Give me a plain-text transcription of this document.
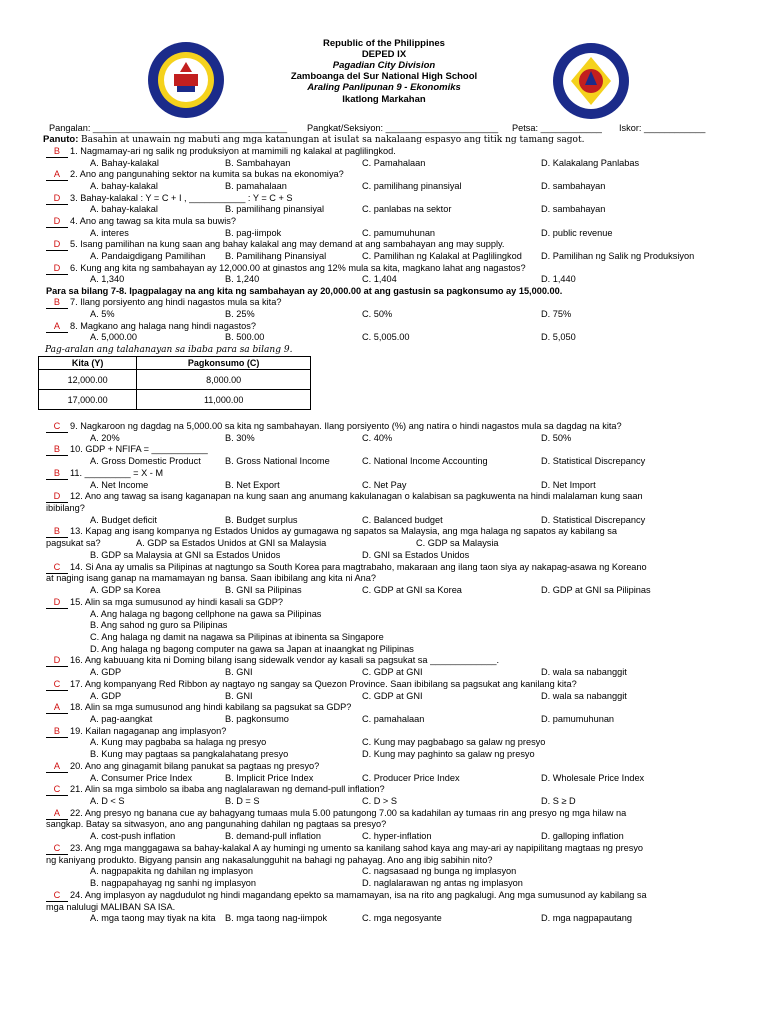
Republic of the Philippines
DEPED IX
Pagadian City Division
Zamboanga del Sur National High School
Araling Panlipunan 9 - Ekonomiks
Ikatlong Markahan
Pangalan: ______________________________________ Pangkat/Seksiyon: ______________________ Petsa: ____________ Iskor: ____________
Panuto: Basahin at unawain ng mabuti ang mga katanungan at isulat sa nakalaang espasyo ang titik ng tamang sagot.
B 1. Nagmamay-ari ng salik ng produksiyon at mamimili ng kalakal at paglilingkod.
A. Bahay-kalakal	B. Sambahayan	C. Pamahalaan	D. Kalakalang Panlabas
A 2. Ano ang pangunahing sektor na kumita sa bukas na ekonomiya?
A. bahay-kalakal	B. pamahalaan	C. pamilihang pinansiyal	D. sambahayan
D 3. Bahay-kalakal : Y = C + I , ___________ : Y = C + S
A. bahay-kalakal	B. pamilihang pinansiyal	C. panlabas na sektor	D. sambahayan
D 4. Ano ang tawag sa kita mula sa buwis?
A. interes	B. pag-iimpok	C. pamumuhunan	D. public revenue
D 5. Isang pamilihan na kung saan ang bahay kalakal ang may demand at ang sambahayan ang may supply.
A. Pandaigdigang Pamilihan B. Pamilihang Pinansiyal	C. Pamilihan ng Kalakal at Paglilingkod D. Pamilihan ng Salik ng Produksiyon
D 6. Kung ang kita ng sambahayan ay 12,000.00 at ginastos ang 12% mula sa kita, magkano lahat ang nagastos?
A. 1,340	B. 1,240	C. 1,404	D. 1,440
Para sa bilang 7-8. Ipagpalagay na ang kita ng sambahayan ay 20,000.00 at ang gastusin sa pagkonsumo ay 15,000.00.
B 7. Ilang porsiyento ang hindi nagastos mula sa kita?
A. 5%	B. 25%	C. 50%	D. 75%
A 8. Magkano ang halaga nang hindi nagastos?
A. 5,000.00	B. 500.00	C. 5,005.00	D. 5,050
Pag-aralan ang talahanayan sa ibaba para sa bilang 9.
Kita (Y)	Pagkonsumo (C)
12,000.00	8,000.00
17,000.00	11,000.00
C 9. Nagkaroon ng dagdag na 5,000.00 sa kita ng sambahayan. Ilang porsiyento (%) ang natira o hindi nagastos mula sa dagdag na kita?
A. 20%	B. 30%	C. 40%	D. 50%
B 10. GDP + NFIFA = ___________
A. Gross Domestic Product	B. Gross National Income	C. National Income Accounting	D. Statistical Discrepancy
B 11. _________ = X - M
A. Net Income	B. Net Export	C. Net Pay	D. Net Import
D 12. Ano ang tawag sa isang kaganapan na kung saan ang anumang kakulanagan o kalabisan sa pagkuwenta na hindi malalaman kung saan
ibibilang?
A. Budget deficit	B. Budget surplus	C. Balanced budget	D. Statistical Discrepancy
B 13. Kapag ang isang kompanya ng Estados Unidos ay gumagawa ng sapatos sa Malaysia, ang mga halaga ng sapatos ay kabilang sa
pagsukat sa?	A. GDP sa Estados Unidos at GNI sa Malaysia	C. GDP sa Malaysia
B. GDP sa Malaysia at GNI sa Estados Unidos	D. GNI sa Estados Unidos
C 14. Si Ana ay umalis sa Pilipinas at nagtungo sa South Korea para magtrabaho, makaraan ang ilang taon siya ay nakapag-asawa ng Koreano
at naging isang ganap na mamamayan ng bansa. Saan ibibilang ang kita ni Ana?
A. GDP sa Korea	B. GNI sa Pilipinas	C. GDP at GNI sa Korea	D. GDP at GNI sa Pilipinas
D 15. Alin sa mga sumusunod ay hindi kasali sa GDP?
A. Ang halaga ng bagong cellphone na gawa sa Pilipinas
B. Ang sahod ng guro sa Pilipinas
C. Ang halaga ng damit na nagawa sa Pilipinas at ibinenta sa Singapore
D. Ang halaga ng bagong computer na gawa sa Japan at inaangkat ng Pilipinas
D 16. Ang kabuuang kita ni Doming bilang isang sidewalk vendor ay kasali sa pagsukat sa _____________.
A. GDP	B. GNI	C. GDP at GNI	D. wala sa nabanggit
C 17. Ang kompanyang Red Ribbon ay nagtayo ng sangay sa Quezon Province. Saan ibibilang sa pagsukat ang kanilang kita?
A. GDP	B. GNI	C. GDP at GNI	D. wala sa nabanggit
A 18. Alin sa mga sumusunod ang hindi kabilang sa pagsukat sa GDP?
A. pag-aangkat	B. pagkonsumo	C. pamahalaan	D. pamumuhunan
B 19. Kailan nagaganap ang implasyon?
A. Kung may pagbaba sa halaga ng presyo	C. Kung may pagbabago sa galaw ng presyo
B. Kung may pagtaas sa pangkalahatang presyo	D. Kung may paghinto sa galaw ng presyo
A 20. Ano ang ginagamit bilang panukat sa pagtaas ng presyo?
A. Consumer Price Index	B. Implicit Price Index	C. Producer Price Index	D. Wholesale Price Index
C 21. Alin sa mga simbolo sa ibaba ang naglalarawan ng demand-pull inflation?
A. D < S	B. D = S	C. D > S	D. S ≥ D
A 22. Ang presyo ng banana cue ay bahagyang tumaas mula 5.00 patungong 7.00 sa kadahilan ay tumaas rin ang presyo ng mga hilaw na
sangkap. Batay sa sitwasyon, ano ang pangunahing dahilan ng pagtaas sa presyo?
A. cost-push inflation	B. demand-pull inflation	C. hyper-inflation	D. galloping inflation
C 23. Ang mga manggagawa sa bahay-kalakal A ay humingi ng umento sa kanilang sahod kaya ang may-ari ay napipilitang magtaas ng presyo
ng kaniyang produkto. Bigyang pansin ang nakasalungguhit na bahagi ng pahayag. Ano ang ibig sabihin nito?
A. nagpapakita ng dahilan ng implasyon	C. nagsasaad ng bunga ng implasyon
B. nagpapahayag ng sanhi ng implasyon	D. naglalarawan ng antas ng implasyon
C 24. Ang implasyon ay nagdudulot ng hindi magandang epekto sa mamamayan, isa na rito ang pagkalugi. Ang mga sumusunod ay kabilang sa
mga nalulugi MALIBAN SA ISA.
A. mga taong may tiyak na kita B. mga taong nag-iimpok	C. mga negosyante	D. mga nagpapautang
